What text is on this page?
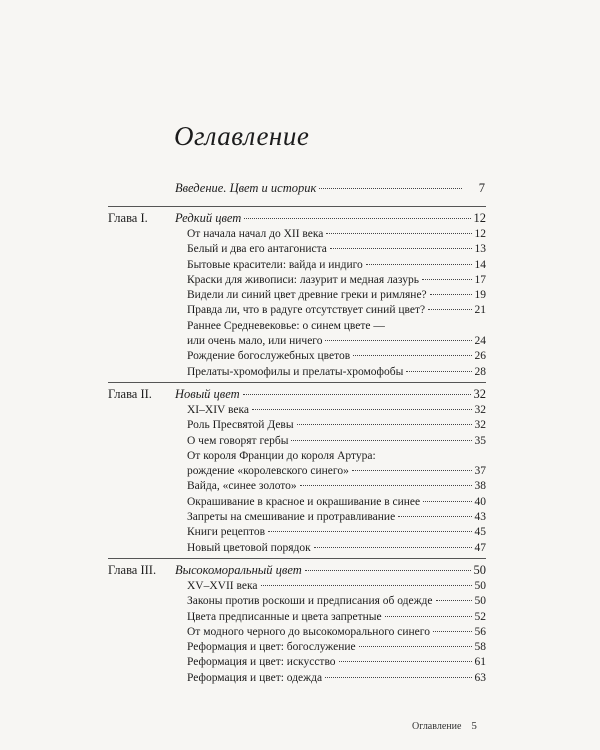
Оглавление
Введение. Цвет и историк	7
Глава I.	Редкий цвет	12
От начала начал до XII века	12
Белый и два его антагониста	13
Бытовые красители: вайда и индиго	14
Краски для живописи: лазурит и медная лазурь	17
Видели ли синий цвет древние греки и римляне?	19
Правда ли, что в радуге отсутствует синий цвет?	21
Раннее Средневековье: о синем цвете —
или очень мало, или ничего	24
Рождение богослужебных цветов	26
Прелаты-хромофилы и прелаты-хромофобы	28
Глава II.	Новый цвет	32
XI–XIV века	32
Роль Пресвятой Девы	32
О чем говорят гербы	35
От короля Франции до короля Артура:
рождение «королевского синего»	37
Вайда, «синее золото»	38
Окрашивание в красное и окрашивание в синее	40
Запреты на смешивание и протравливание	43
Книги рецептов	45
Новый цветовой порядок	47
Глава III.	Высокоморальный цвет	50
XV–XVII века	50
Законы против роскоши и предписания об одежде	50
Цвета предписанные и цвета запретные	52
От модного черного до высокоморального синего	56
Реформация и цвет: богослужение	58
Реформация и цвет: искусство	61
Реформация и цвет: одежда	63
Оглавление 5
